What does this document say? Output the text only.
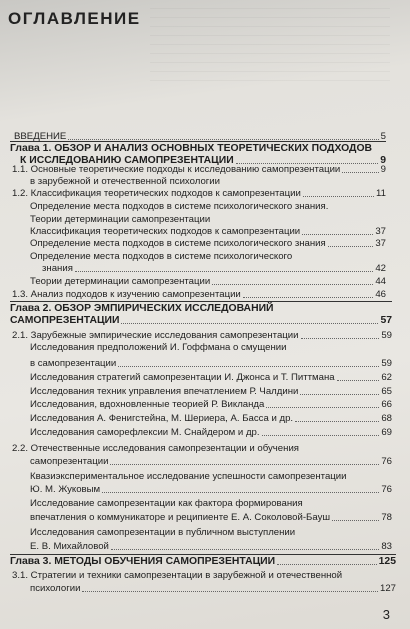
ОГЛАВЛЕНИЕ
ВВЕДЕНИЕ	5
Глава 1. ОБЗОР И АНАЛИЗ ОСНОВНЫХ ТЕОРЕТИЧЕСКИХ ПОДХОДОВ
К ИССЛЕДОВАНИЮ САМОПРЕЗЕНТАЦИИ	9
1.1. Основные теоретические подходы к исследованию самопрезентации	9
в зарубежной и отечественной психологии
1.2. Классификация теоретических подходов к самопрезентации	11
Определение места подходов в системе психологического знания.
Теории детерминации самопрезентации
Классификация теоретических подходов к самопрезентации	37
Определение места подходов в системе психологического знания	37
Определение места подходов в системе психологического
знания	42
Теории детерминации самопрезентации	44
1.3. Анализ подходов к изучению самопрезентации	46
Глава 2. ОБЗОР ЭМПИРИЧЕСКИХ ИССЛЕДОВАНИЙ
САМОПРЕЗЕНТАЦИИ	57
2.1. Зарубежные эмпирические исследования самопрезентации	59
Исследования предположений И. Гоффмана о смущении
в самопрезентации	59
Исследования стратегий самопрезентации И. Джонса и Т. Питтмана	62
Исследования техник управления впечатлением Р. Чалдини	65
Исследования, вдохновленные теорией Р. Викланда	66
Исследования А. Фенигстейна, М. Шериера, А. Басса и др.	68
Исследования саморефлексии М. Снайдером и др.	69
2.2. Отечественные исследования самопрезентации и обучения
самопрезентации	76
Квазиэкспериментальное исследование успешности самопрезентации
Ю. М. Жуковым	76
Исследование самопрезентации как фактора формирования
впечатления о коммуникаторе и реципиенте Е. А. Соколовой-Бауш	78
Исследования самопрезентации в публичном выступлении
Е. В. Михайловой	83
Глава 3. МЕТОДЫ ОБУЧЕНИЯ САМОПРЕЗЕНТАЦИИ	125
3.1. Стратегии и техники самопрезентации в зарубежной и отечественной
психологии	127
3
